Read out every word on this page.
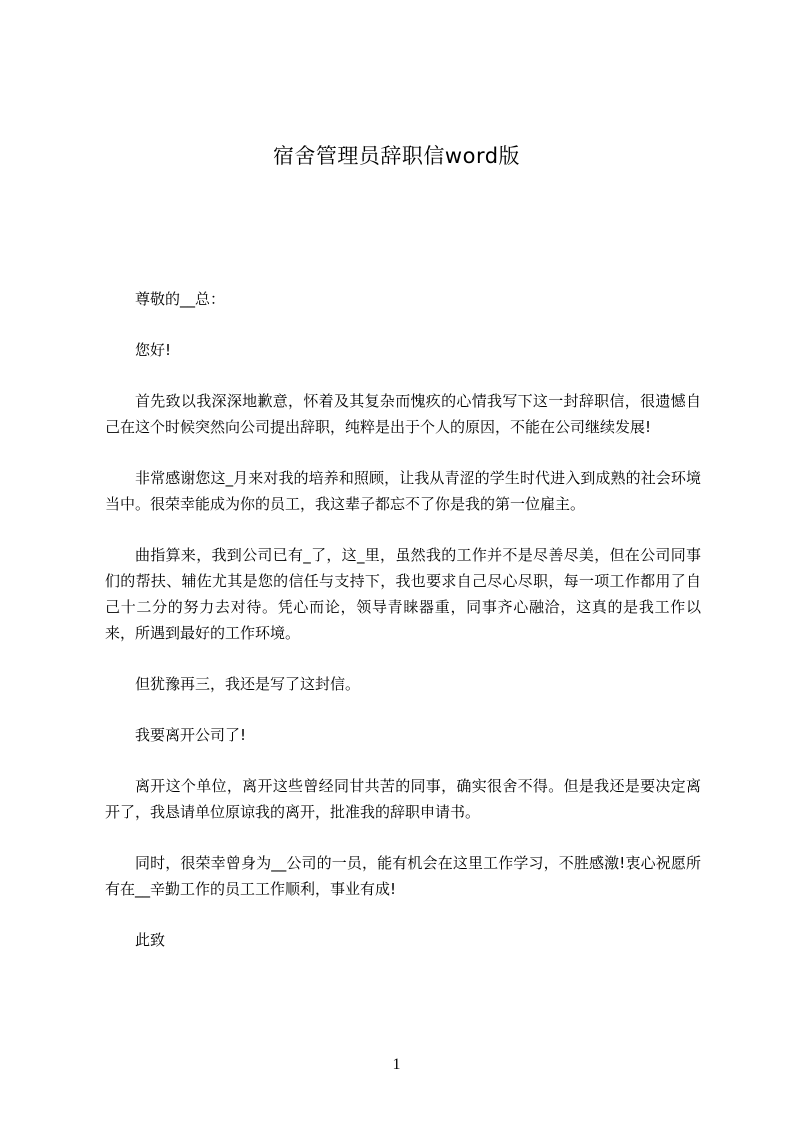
宿舍管理员辞职信word版

尊敬的__总：

您好!

首先致以我深深地歉意，怀着及其复杂而愧疚的心情我写下这一封辞职信，很遗憾自己在这个时候突然向公司提出辞职，纯粹是出于个人的原因，不能在公司继续发展!

非常感谢您这_月来对我的培养和照顾，让我从青涩的学生时代进入到成熟的社会环境当中。很荣幸能成为你的员工，我这辈子都忘不了你是我的第一位雇主。

曲指算来，我到公司已有_了，这_里，虽然我的工作并不是尽善尽美，但在公司同事们的帮扶、辅佐尤其是您的信任与支持下，我也要求自己尽心尽职，每一项工作都用了自己十二分的努力去对待。凭心而论，领导青睐器重，同事齐心融洽，这真的是我工作以来，所遇到最好的工作环境。

但犹豫再三，我还是写了这封信。

我要离开公司了!

离开这个单位，离开这些曾经同甘共苦的同事，确实很舍不得。但是我还是要决定离开了，我恳请单位原谅我的离开，批准我的辞职申请书。

同时，很荣幸曾身为__公司的一员，能有机会在这里工作学习，不胜感激!衷心祝愿所有在__辛勤工作的员工工作顺利，事业有成!

此致

1
